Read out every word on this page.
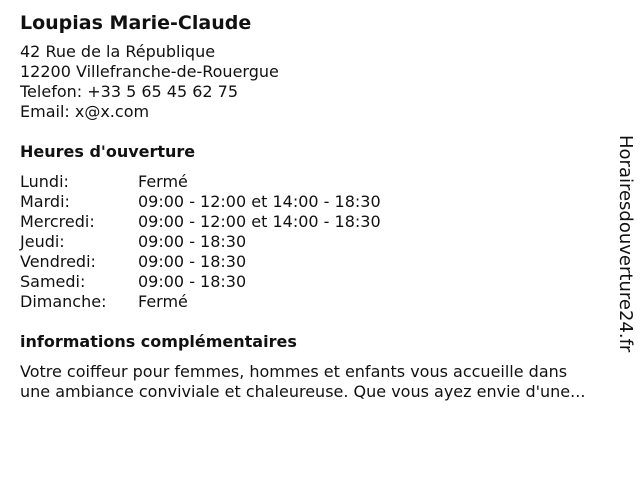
Loupias Marie-Claude
42 Rue de la République
12200 Villefranche-de-Rouergue
Telefon: +33 5 65 45 62 75
Email: x@x.com
Heures d'ouverture
Lundi:	Fermé
Mardi:	09:00 - 12:00 et 14:00 - 18:30
Mercredi:	09:00 - 12:00 et 14:00 - 18:30
Jeudi:	09:00 - 18:30
Vendredi:	09:00 - 18:30
Samedi:	09:00 - 18:30
Dimanche:	Fermé
informations complémentaires
Votre coiffeur pour femmes, hommes et enfants vous accueille dans
une ambiance conviviale et chaleureuse. Que vous ayez envie d'une...
Horairesdouverture24.fr
